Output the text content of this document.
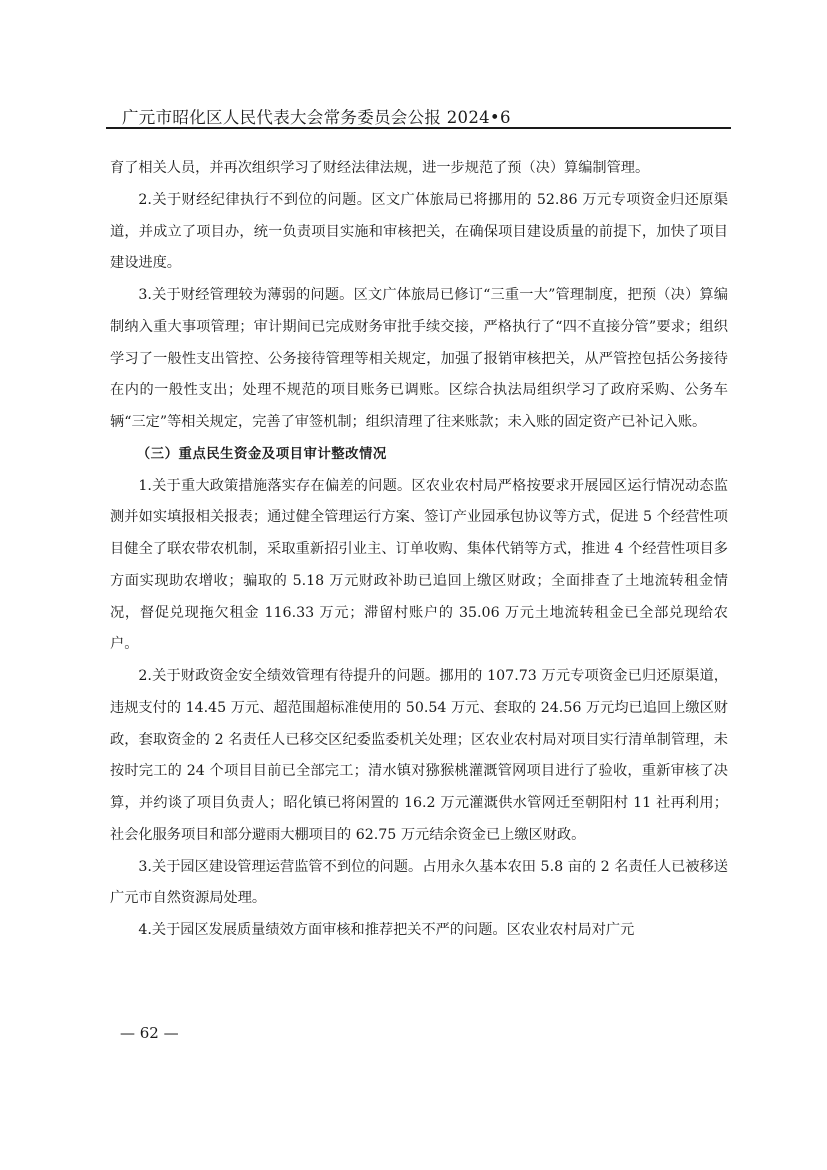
广元市昭化区人民代表大会常务委员会公报 2024•6

育了相关人员，并再次组织学习了财经法律法规，进一步规范了预（决）算编制管理。

2.关于财经纪律执行不到位的问题。区文广体旅局已将挪用的 52.86 万元专项资金归还原渠道，并成立了项目办，统一负责项目实施和审核把关，在确保项目建设质量的前提下，加快了项目建设进度。

3.关于财经管理较为薄弱的问题。区文广体旅局已修订“三重一大”管理制度，把预（决）算编制纳入重大事项管理；审计期间已完成财务审批手续交接，严格执行了“四不直接分管”要求；组织学习了一般性支出管控、公务接待管理等相关规定，加强了报销审核把关，从严管控包括公务接待在内的一般性支出；处理不规范的项目账务已调账。区综合执法局组织学习了政府采购、公务车辆“三定”等相关规定，完善了审签机制；组织清理了往来账款；未入账的固定资产已补记入账。

（三）重点民生资金及项目审计整改情况

1.关于重大政策措施落实存在偏差的问题。区农业农村局严格按要求开展园区运行情况动态监测并如实填报相关报表；通过健全管理运行方案、签订产业园承包协议等方式，促进 5 个经营性项目健全了联农带农机制，采取重新招引业主、订单收购、集体代销等方式，推进 4 个经营性项目多方面实现助农增收；骗取的 5.18 万元财政补助已追回上缴区财政；全面排查了土地流转租金情况，督促兑现拖欠租金 116.33 万元；滞留村账户的 35.06 万元土地流转租金已全部兑现给农户。

2.关于财政资金安全绩效管理有待提升的问题。挪用的 107.73 万元专项资金已归还原渠道，违规支付的 14.45 万元、超范围超标准使用的 50.54 万元、套取的 24.56 万元均已追回上缴区财政，套取资金的 2 名责任人已移交区纪委监委机关处理；区农业农村局对项目实行清单制管理，未按时完工的 24 个项目目前已全部完工；清水镇对猕猴桃灌溉管网项目进行了验收，重新审核了决算，并约谈了项目负责人；昭化镇已将闲置的 16.2 万元灌溉供水管网迁至朝阳村 11 社再利用；社会化服务项目和部分避雨大棚项目的 62.75 万元结余资金已上缴区财政。

3.关于园区建设管理运营监管不到位的问题。占用永久基本农田 5.8 亩的 2 名责任人已被移送广元市自然资源局处理。

4.关于园区发展质量绩效方面审核和推荐把关不严的问题。区农业农村局对广元

— 62 —
